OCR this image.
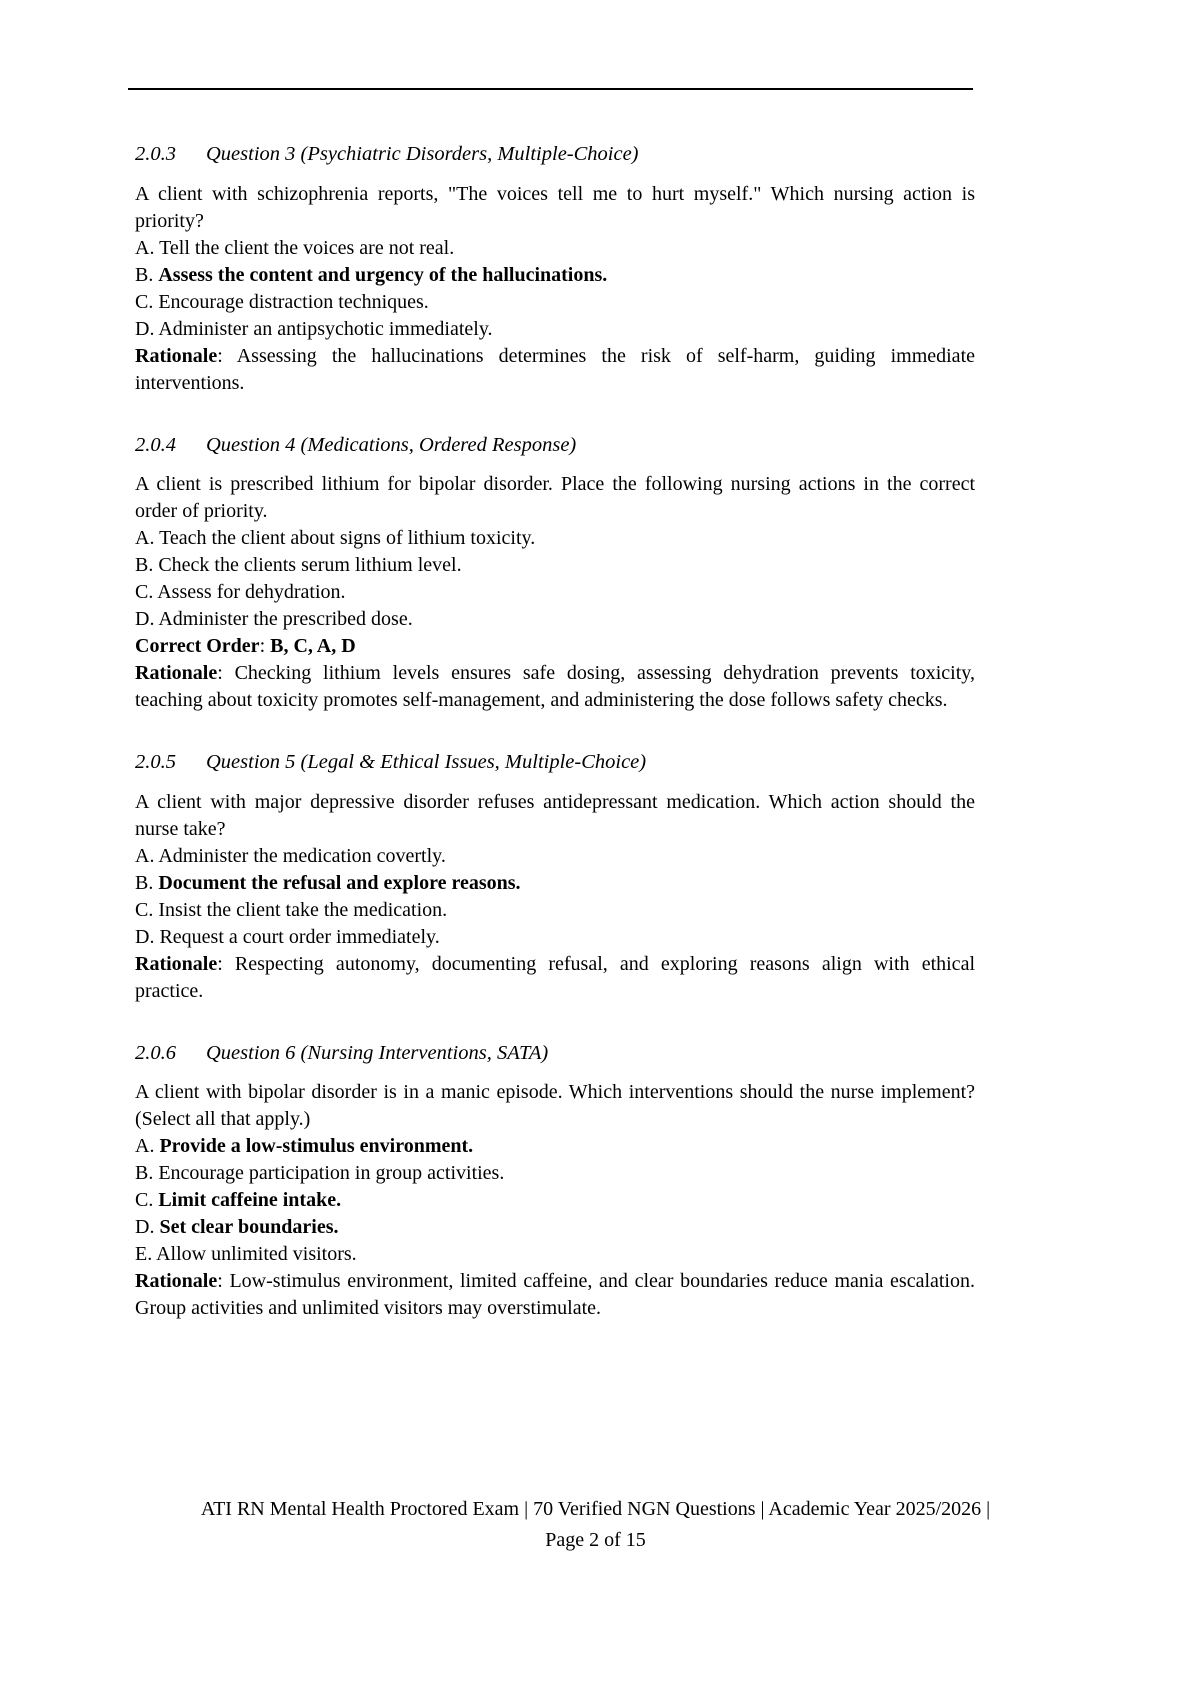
2.0.3 Question 3 (Psychiatric Disorders, Multiple-Choice)

A client with schizophrenia reports, "The voices tell me to hurt myself." Which nursing action is priority?

A. Tell the client the voices are not real.

B. Assess the content and urgency of the hallucinations.

C. Encourage distraction techniques.

D. Administer an antipsychotic immediately.

Rationale: Assessing the hallucinations determines the risk of self-harm, guiding immediate interventions.

2.0.4 Question 4 (Medications, Ordered Response)

A client is prescribed lithium for bipolar disorder. Place the following nursing actions in the correct order of priority.

A. Teach the client about signs of lithium toxicity.

B. Check the clients serum lithium level.

C. Assess for dehydration.

D. Administer the prescribed dose.

Correct Order: B, C, A, D

Rationale: Checking lithium levels ensures safe dosing, assessing dehydration prevents toxicity, teaching about toxicity promotes self-management, and administering the dose follows safety checks.

2.0.5 Question 5 (Legal & Ethical Issues, Multiple-Choice)

A client with major depressive disorder refuses antidepressant medication. Which action should the nurse take?

A. Administer the medication covertly.

B. Document the refusal and explore reasons.

C. Insist the client take the medication.

D. Request a court order immediately.

Rationale: Respecting autonomy, documenting refusal, and exploring reasons align with ethical practice.

2.0.6 Question 6 (Nursing Interventions, SATA)

A client with bipolar disorder is in a manic episode. Which interventions should the nurse implement? (Select all that apply.)

A. Provide a low-stimulus environment.

B. Encourage participation in group activities.

C. Limit caffeine intake.

D. Set clear boundaries.

E. Allow unlimited visitors.

Rationale: Low-stimulus environment, limited caffeine, and clear boundaries reduce mania escalation. Group activities and unlimited visitors may overstimulate.

ATI RN Mental Health Proctored Exam | 70 Verified NGN Questions | Academic Year 2025/2026 |
Page 2 of 15
